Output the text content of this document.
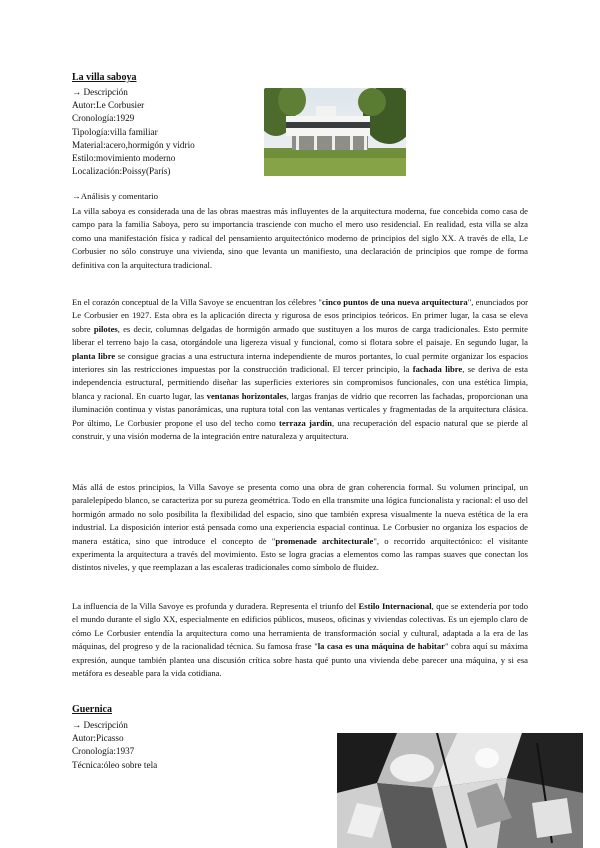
La villa saboya
→ Descripción
Autor:Le Corbusier
Cronología:1929
Tipología:villa familiar
Material:acero,hormigón y vidrio
Estilo:movimiento moderno
Localización:Poissy(París)
→Análisis y comentario
La villa saboya es considerada una de las obras maestras más influyentes de la arquitectura moderna, fue concebida como casa de campo para la familia Saboya, pero su importancia trasciende con mucho el mero uso residencial. En realidad, esta villa se alza como una manifestación física y radical del pensamiento arquitectónico moderno de principios del siglo XX. A través de ella, Le Corbusier no sólo construye una vivienda, sino que levanta un manifiesto, una declaración de principios que rompe de forma definitiva con la arquitectura tradicional.
En el corazón conceptual de la Villa Savoye se encuentran los célebres "cinco puntos de una nueva arquitectura", enunciados por Le Corbusier en 1927. Esta obra es la aplicación directa y rigurosa de esos principios teóricos. En primer lugar, la casa se eleva sobre pilotes, es decir, columnas delgadas de hormigón armado que sustituyen a los muros de carga tradicionales. Esto permite liberar el terreno bajo la casa, otorgándole una ligereza visual y funcional, como si flotara sobre el paisaje. En segundo lugar, la planta libre se consigue gracias a una estructura interna independiente de muros portantes, lo cual permite organizar los espacios interiores sin las restricciones impuestas por la construcción tradicional. El tercer principio, la fachada libre, se deriva de esta independencia estructural, permitiendo diseñar las superficies exteriores sin compromisos funcionales, con una estética limpia, blanca y racional. En cuarto lugar, las ventanas horizontales, largas franjas de vidrio que recorren las fachadas, proporcionan una iluminación continua y vistas panorámicas, una ruptura total con las ventanas verticales y fragmentadas de la arquitectura clásica. Por último, Le Corbusier propone el uso del techo como terraza jardín, una recuperación del espacio natural que se pierde al construir, y una visión moderna de la integración entre naturaleza y arquitectura.
Más allá de estos principios, la Villa Savoye se presenta como una obra de gran coherencia formal. Su volumen principal, un paralelepípedo blanco, se caracteriza por su pureza geométrica. Todo en ella transmite una lógica funcionalista y racional: el uso del hormigón armado no solo posibilita la flexibilidad del espacio, sino que también expresa visualmente la nueva estética de la era industrial. La disposición interior está pensada como una experiencia espacial continua. Le Corbusier no organiza los espacios de manera estática, sino que introduce el concepto de "promenade architecturale", o recorrido arquitectónico: el visitante experimenta la arquitectura a través del movimiento. Esto se logra gracias a elementos como las rampas suaves que conectan los distintos niveles, y que reemplazan a las escaleras tradicionales como símbolo de fluidez.
La influencia de la Villa Savoye es profunda y duradera. Representa el triunfo del Estilo Internacional, que se extendería por todo el mundo durante el siglo XX, especialmente en edificios públicos, museos, oficinas y viviendas colectivas. Es un ejemplo claro de cómo Le Corbusier entendía la arquitectura como una herramienta de transformación social y cultural, adaptada a la era de las máquinas, del progreso y de la racionalidad técnica. Su famosa frase "la casa es una máquina de habitar" cobra aquí su máxima expresión, aunque también plantea una discusión crítica sobre hasta qué punto una vivienda debe parecer una máquina, y si esa metáfora es deseable para la vida cotidiana.
Guernica
→ Descripción
Autor:Picasso
Cronología:1937
Técnica:óleo sobre tela
